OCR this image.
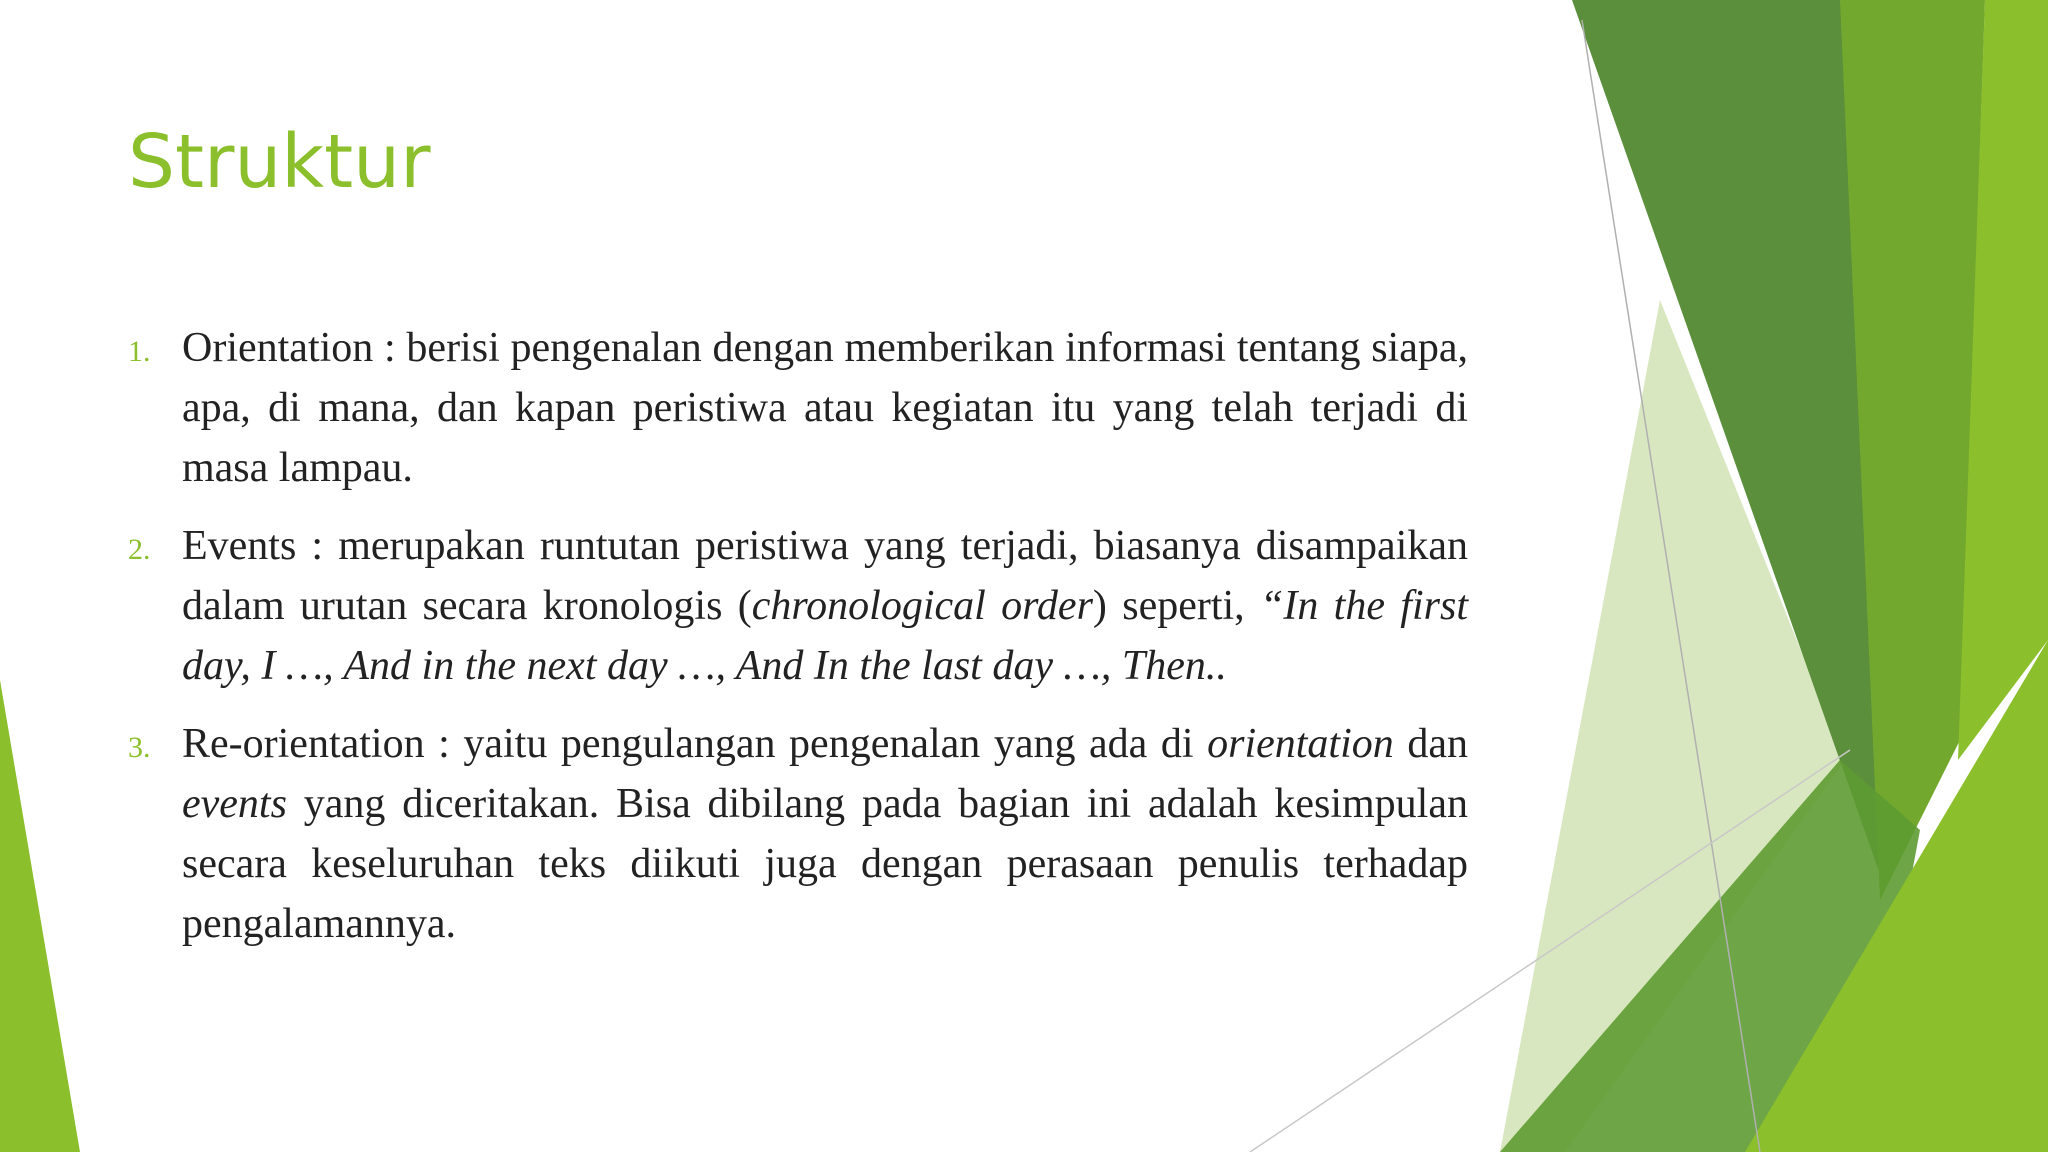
Struktur
1. Orientation : berisi pengenalan dengan memberikan informasi tentang siapa, apa, di mana, dan kapan peristiwa atau kegiatan itu yang telah terjadi di masa lampau.
2. Events : merupakan runtutan peristiwa yang terjadi, biasanya disampaikan dalam urutan secara kronologis (chronological order) seperti, “In the first day, I …, And in the next day …, And In the last day …, Then..
3. Re-orientation : yaitu pengulangan pengenalan yang ada di orientation dan events yang diceritakan. Bisa dibilang pada bagian ini adalah kesimpulan secara keseluruhan teks diikuti juga dengan perasaan penulis terhadap pengalamannya.
